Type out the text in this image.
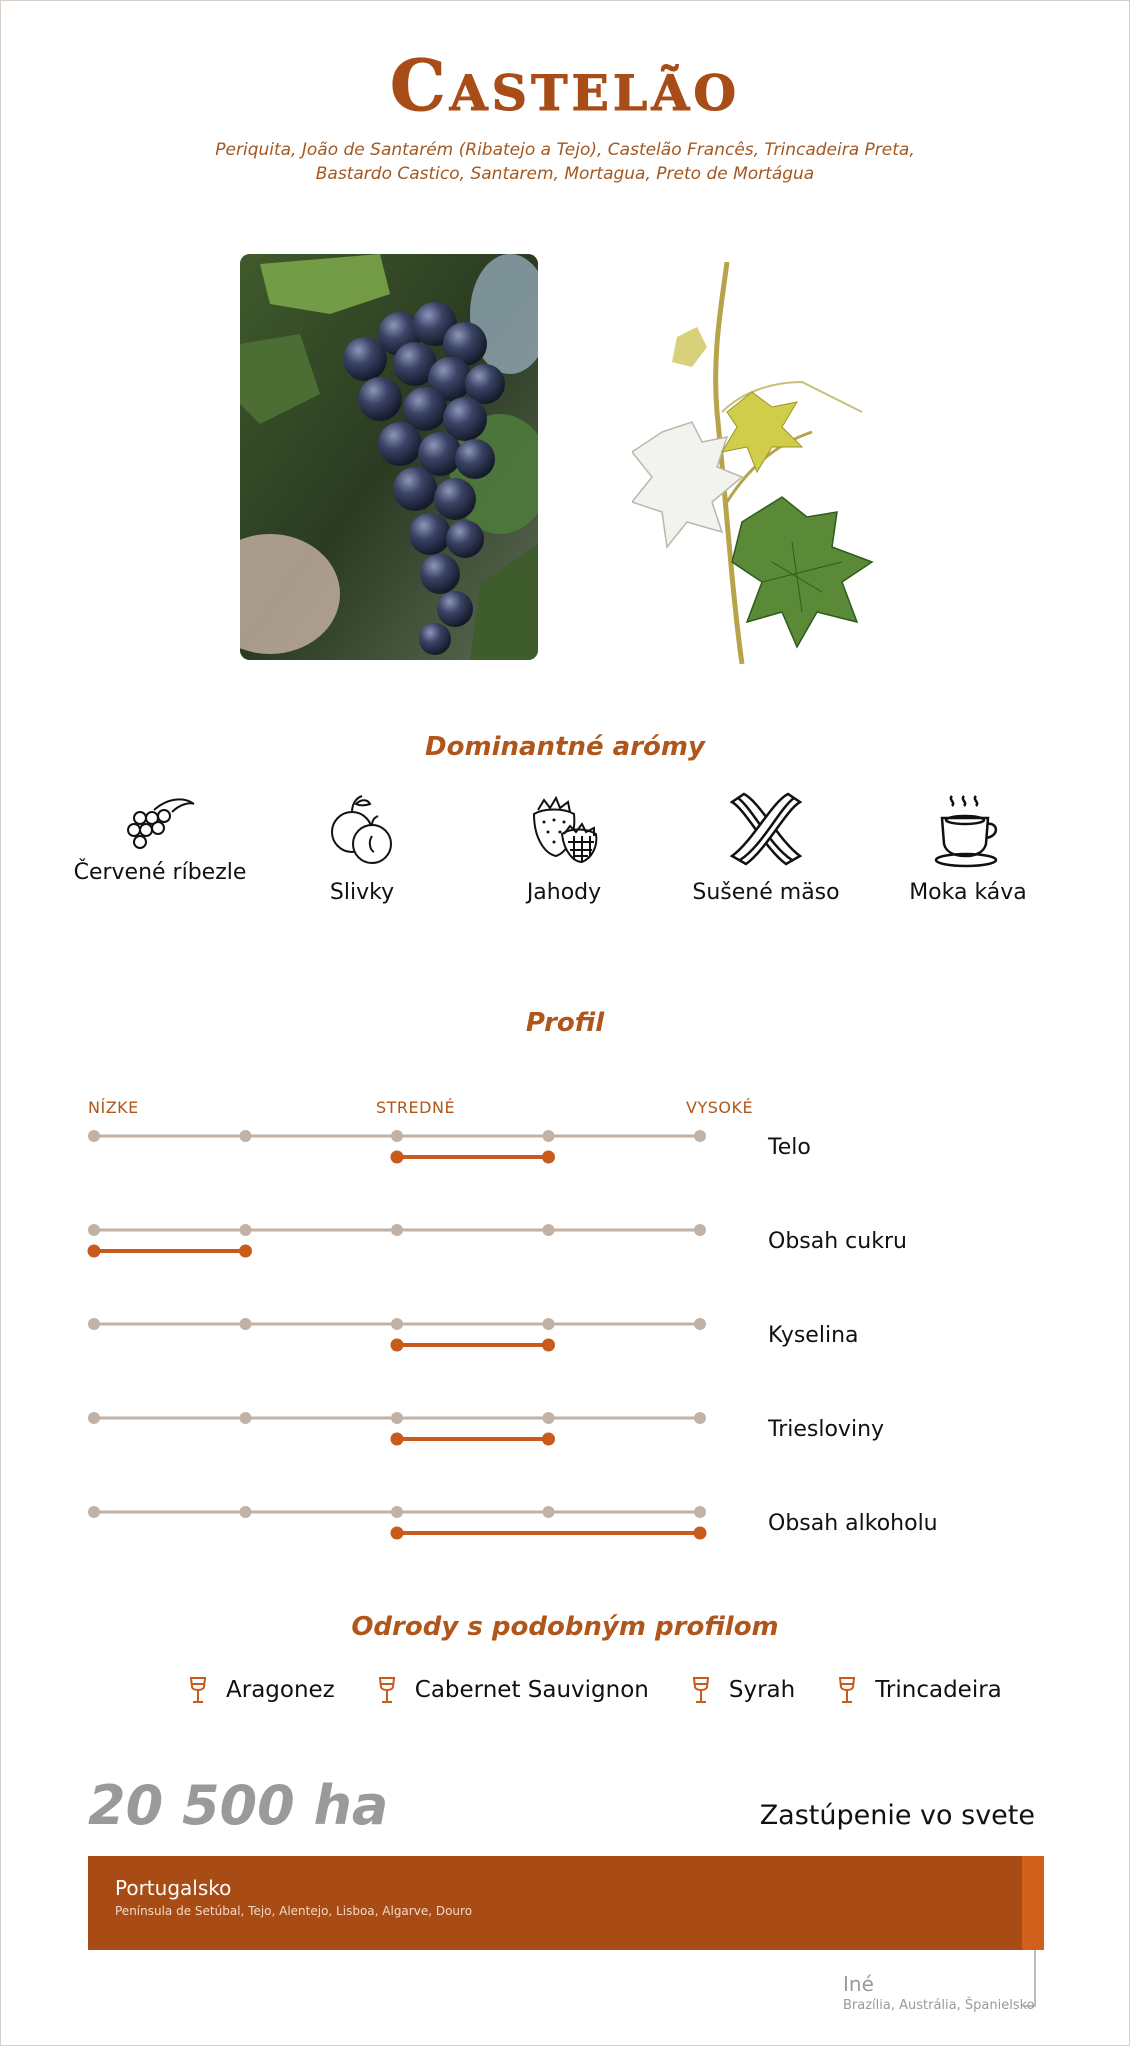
Castelão
Periquita, João de Santarém (Ribatejo a Tejo), Castelão Francês, Trincadeira Preta, Bastardo Castico, Santarem, Mortagua, Preto de Mortágua
Dominantné arómy
Červené ríbezle
Slivky	Jahody	Sušené mäso	Moka káva
Profil
NÍZKE	STREDNÉ	VYSOKÉ
Telo
Obsah cukru
Kyselina
Triesloviny
Obsah alkoholu
Odrody s podobným profilom
Aragonez	Cabernet Sauvignon	Syrah	Trincadeira
20 500 ha	Zastúpenie vo svete
Portugalsko
Península de Setúbal, Tejo, Alentejo, Lisboa, Algarve, Douro
Iné
Brazília, Austrália, Španielsko
